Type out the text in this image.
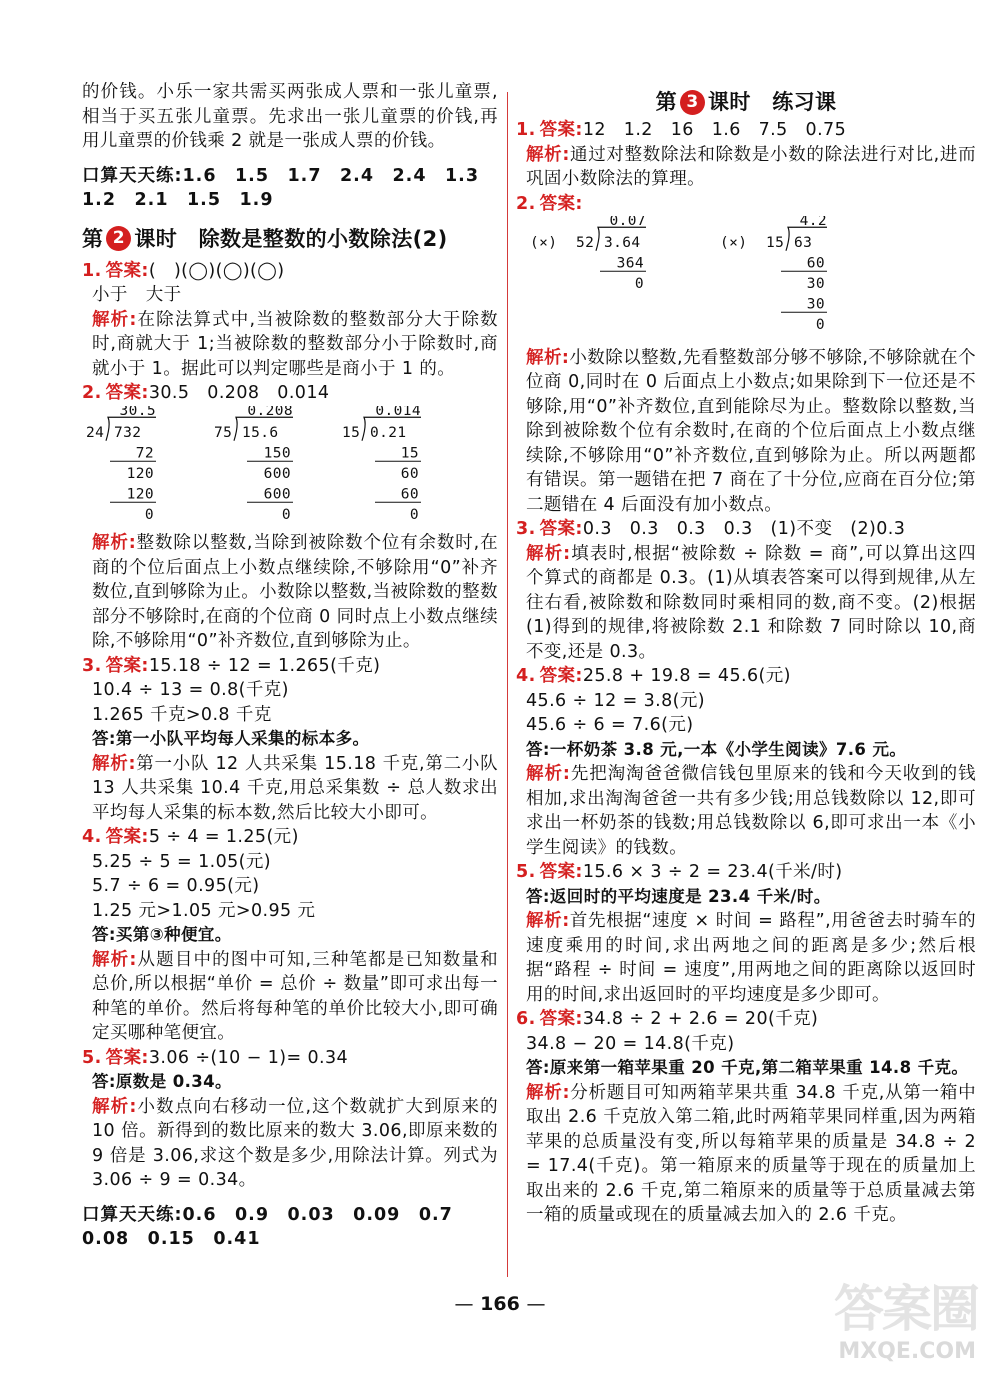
的价钱。小乐一家共需买两张成人票和一张儿童票,相当于买五张儿童票。先求出一张儿童票的价钱,再用儿童票的价钱乘 2 就是一张成人票的价钱。

口算天天练:1.6　1.5　1.7　2.4　2.4　1.3　1.2　2.1　1.5　1.9

第 2 课时　除数是整数的小数除法(2)

1. 答案:(　)(◯)(◯)(◯)

小于　大于

解析:在除法算式中,当被除数的整数部分大于除数时,商就大于 1;当被除数的整数部分小于除数时,商就小于 1。据此可以判定哪些是商小于 1 的。

2. 答案:30.5　0.208　0.014

24 732
30.5
72
120
120
0
75 15.6
0.208
150
600
600
0
15 0.21
0.014
15
60
60
0

解析:整数除以整数,当除到被除数个位有余数时,在商的个位后面点上小数点继续除,不够除用“0”补齐数位,直到够除为止。小数除以整数,当被除数的整数部分不够除时,在商的个位商 0 同时点上小数点继续除,不够除用“0”补齐数位,直到够除为止。

3. 答案:15.18 ÷ 12 = 1.265(千克)

10.4 ÷ 13 = 0.8(千克)

1.265 千克>0.8 千克

答:第一小队平均每人采集的标本多。

解析:第一小队 12 人共采集 15.18 千克,第二小队 13 人共采集 10.4 千克,用总采集数 ÷ 总人数求出平均每人采集的标本数,然后比较大小即可。

4. 答案:5 ÷ 4 = 1.25(元)

5.25 ÷ 5 = 1.05(元)

5.7 ÷ 6 = 0.95(元)

1.25 元>1.05 元>0.95 元

答:买第③种便宜。

解析:从题目中的图中可知,三种笔都是已知数量和总价,所以根据“单价 = 总价 ÷ 数量”即可求出每一种笔的单价。然后将每种笔的单价比较大小,即可确定买哪种笔便宜。

5. 答案:3.06 ÷(10 − 1)= 0.34

答:原数是 0.34。

解析:小数点向右移动一位,这个数就扩大到原来的 10 倍。新得到的数比原来的数大 3.06,即原来数的 9 倍是 3.06,求这个数是多少,用除法计算。列式为 3.06 ÷ 9 = 0.34。

口算天天练:0.6　0.9　0.03　0.09　0.7　0.08　0.15　0.41

第 3 课时　练习课

1. 答案:12　1.2　16　1.6　7.5　0.75

解析:通过对整数除法和除数是小数的除法进行对比,进而巩固小数除法的算理。

2. 答案:

(×) 52 3.64
0.07
364
0
(×) 15 63
4.2
60
30
30
0

解析:小数除以整数,先看整数部分够不够除,不够除就在个位商 0,同时在 0 后面点上小数点;如果除到下一位还是不够除,用“0”补齐数位,直到能除尽为止。整数除以整数,当除到被除数个位有余数时,在商的个位后面点上小数点继续除,不够除用“0”补齐数位,直到够除为止。所以两题都有错误。第一题错在把 7 商在了十分位,应商在百分位;第二题错在 4 后面没有加小数点。

3. 答案:0.3　0.3　0.3　0.3　(1)不变　(2)0.3

解析:填表时,根据“被除数 ÷ 除数 = 商”,可以算出这四个算式的商都是 0.3。(1)从填表答案可以得到规律,从左往右看,被除数和除数同时乘相同的数,商不变。(2)根据(1)得到的规律,将被除数 2.1 和除数 7 同时除以 10,商不变,还是 0.3。

4. 答案:25.8 + 19.8 = 45.6(元)

45.6 ÷ 12 = 3.8(元)

45.6 ÷ 6 = 7.6(元)

答:一杯奶茶 3.8 元,一本《小学生阅读》7.6 元。

解析:先把淘淘爸爸微信钱包里原来的钱和今天收到的钱相加,求出淘淘爸爸一共有多少钱;用总钱数除以 12,即可求出一杯奶茶的钱数;用总钱数除以 6,即可求出一本《小学生阅读》的钱数。

5. 答案:15.6 × 3 ÷ 2 = 23.4(千米/时)

答:返回时的平均速度是 23.4 千米/时。

解析:首先根据“速度 × 时间 = 路程”,用爸爸去时骑车的速度乘用的时间,求出两地之间的距离是多少;然后根据“路程 ÷ 时间 = 速度”,用两地之间的距离除以返回时用的时间,求出返回时的平均速度是多少即可。

6. 答案:34.8 ÷ 2 + 2.6 = 20(千克)

34.8 − 20 = 14.8(千克)

答:原来第一箱苹果重 20 千克,第二箱苹果重 14.8 千克。

解析:分析题目可知两箱苹果共重 34.8 千克,从第一箱中取出 2.6 千克放入第二箱,此时两箱苹果同样重,因为两箱苹果的总质量没有变,所以每箱苹果的质量是 34.8 ÷ 2 = 17.4(千克)。第一箱原来的质量等于现在的质量加上取出来的 2.6 千克,第二箱原来的质量等于总质量减去第一箱的质量或现在的质量减去加入的 2.6 千克。

— 166 —	答案圈
MXQE.COM
